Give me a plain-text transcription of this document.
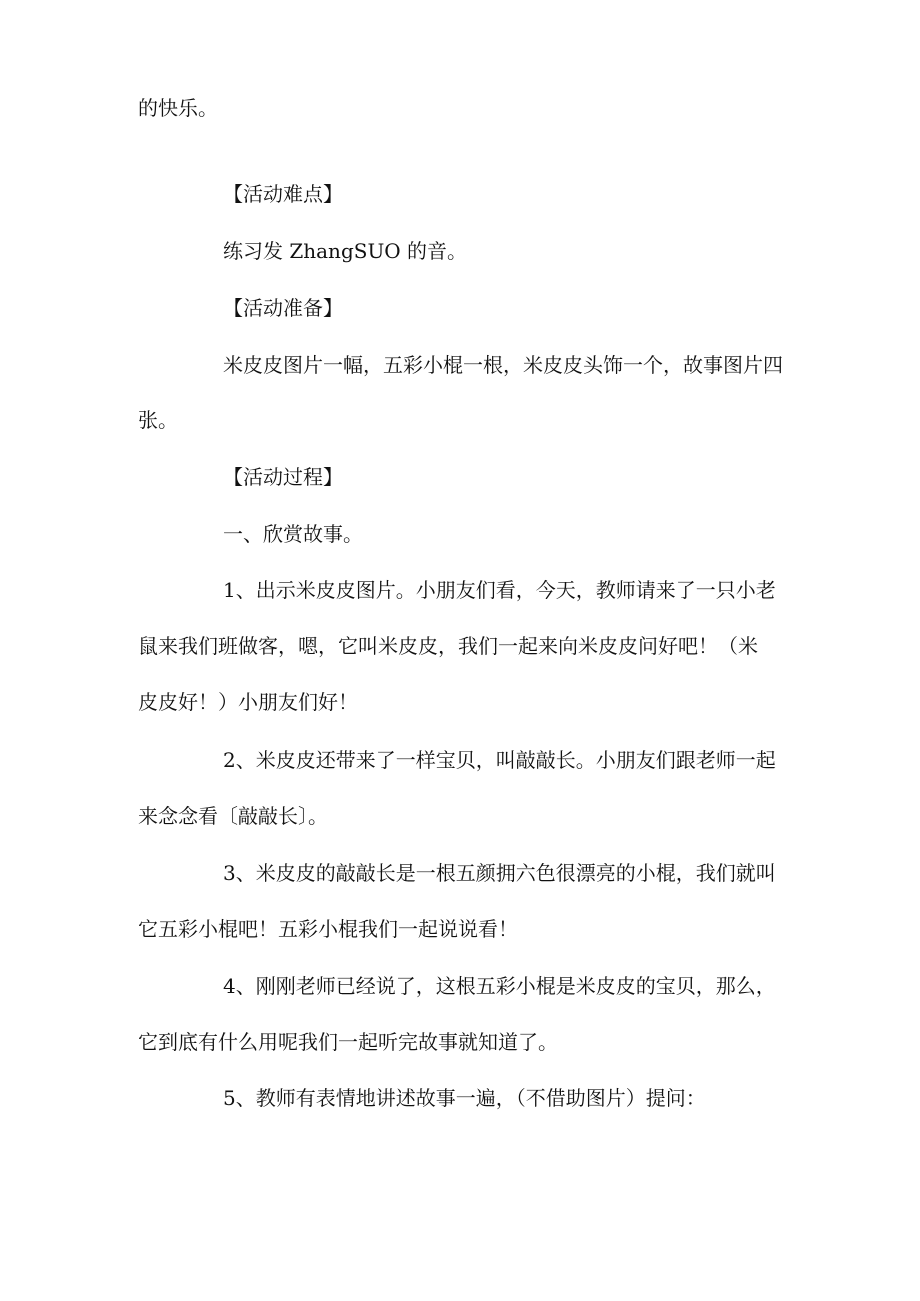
的快乐。
【活动难点】
练习发 ZhangSUO 的音。
【活动准备】
米皮皮图片一幅，五彩小棍一根，米皮皮头饰一个，故事图片四
张。
【活动过程】
一、欣赏故事。
1、出示米皮皮图片。小朋友们看，今天，教师请来了一只小老
鼠来我们班做客，嗯，它叫米皮皮，我们一起来向米皮皮问好吧！（米
皮皮好！）小朋友们好！
2、米皮皮还带来了一样宝贝，叫敲敲长。小朋友们跟老师一起
来念念看〔敲敲长〕。
3、米皮皮的敲敲长是一根五颜拥六色很漂亮的小棍，我们就叫
它五彩小棍吧！五彩小棍我们一起说说看！
4、刚刚老师已经说了，这根五彩小棍是米皮皮的宝贝，那么，
它到底有什么用呢我们一起听完故事就知道了。
5、教师有表情地讲述故事一遍，（不借助图片）提问：
